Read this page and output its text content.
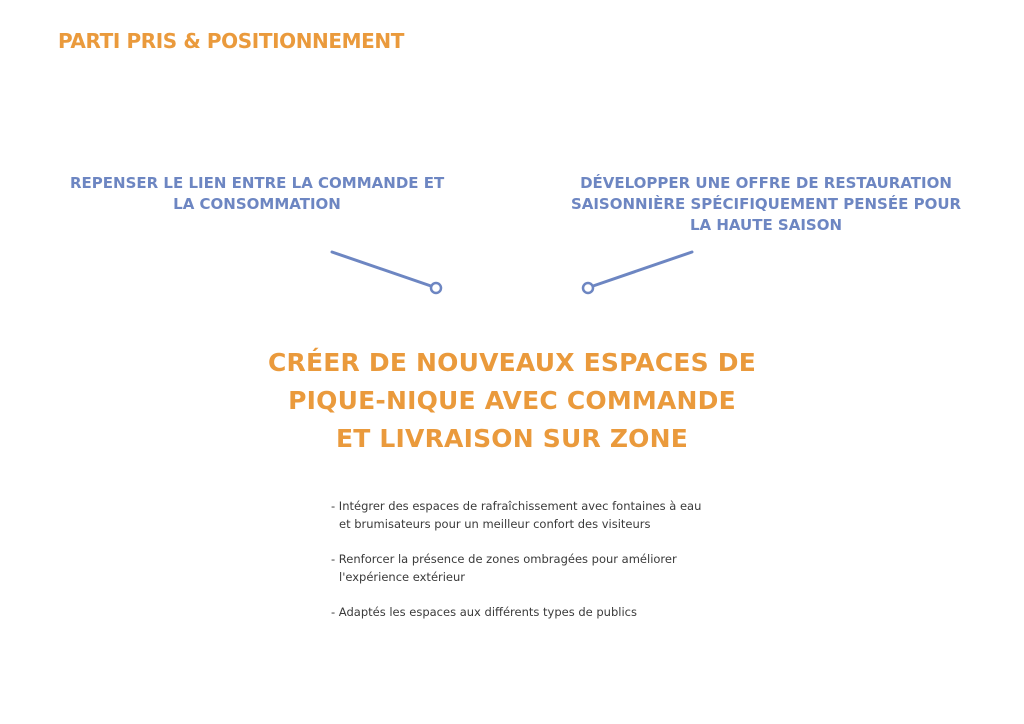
PARTI PRIS & POSITIONNEMENT
REPENSER LE LIEN ENTRE LA COMMANDE ET
LA CONSOMMATION
DÉVELOPPER UNE OFFRE DE RESTAURATION
SAISONNIÈRE SPÉCIFIQUEMENT PENSÉE POUR
LA HAUTE SAISON
CRÉER DE NOUVEAUX ESPACES DE
PIQUE-NIQUE AVEC COMMANDE
ET LIVRAISON SUR ZONE
- Intégrer des espaces de rafraîchissement avec fontaines à eau
et brumisateurs pour un meilleur confort des visiteurs
- Renforcer la présence de zones ombragées pour améliorer
l'expérience extérieur
- Adaptés les espaces aux différents types de publics
